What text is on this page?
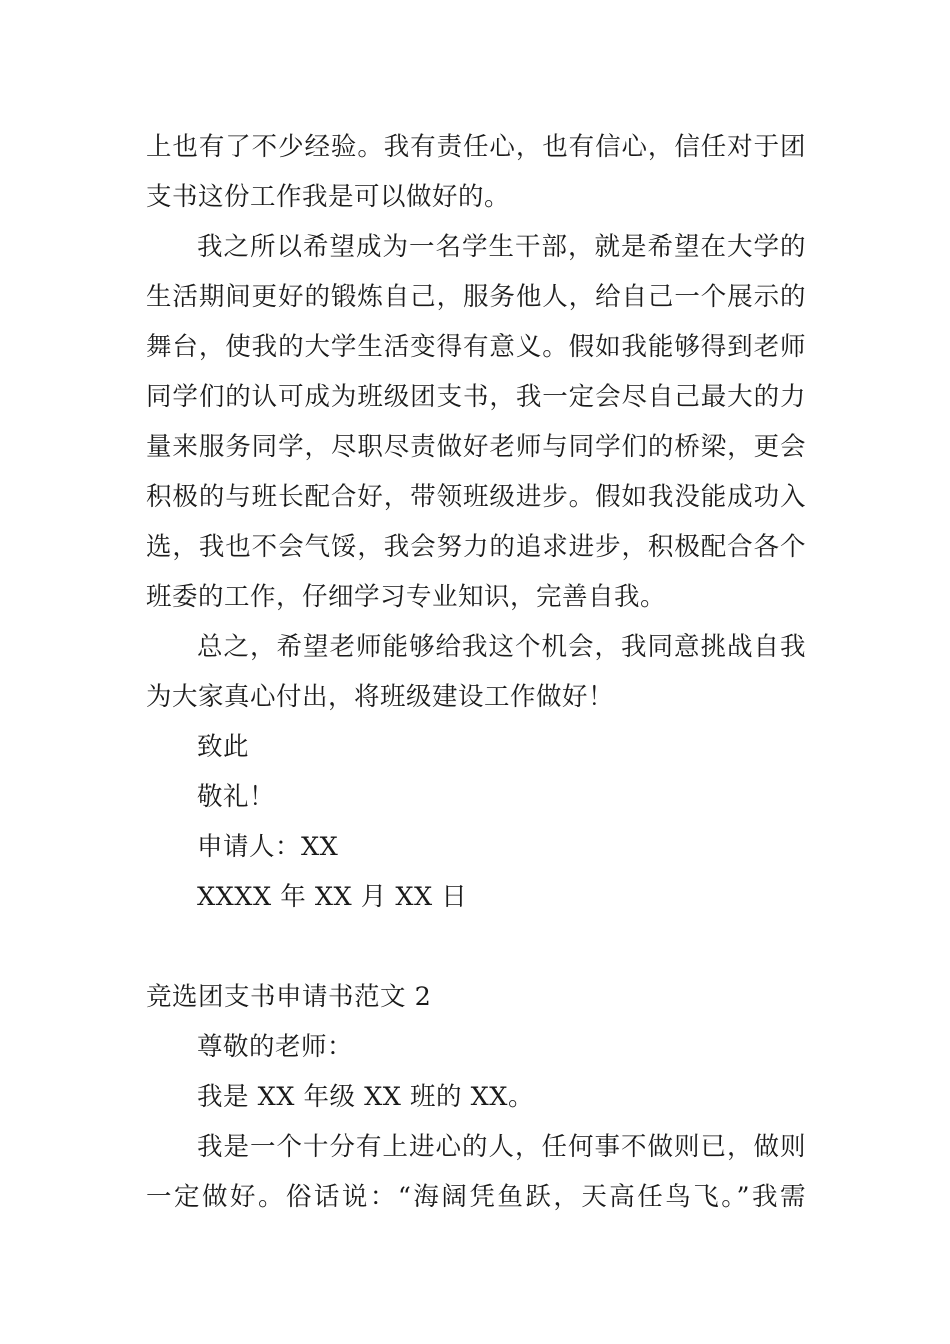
上也有了不少经验。我有责任心，也有信心，信任对于团
支书这份工作我是可以做好的。
我之所以希望成为一名学生干部，就是希望在大学的
生活期间更好的锻炼自己，服务他人，给自己一个展示的
舞台，使我的大学生活变得有意义。假如我能够得到老师
同学们的认可成为班级团支书，我一定会尽自己最大的力
量来服务同学，尽职尽责做好老师与同学们的桥梁，更会
积极的与班长配合好，带领班级进步。假如我没能成功入
选，我也不会气馁，我会努力的追求进步，积极配合各个
班委的工作，仔细学习专业知识，完善自我。
总之，希望老师能够给我这个机会，我同意挑战自我
为大家真心付出，将班级建设工作做好！
致此
敬礼！
申请人：XX
XXXX 年 XX 月 XX 日
竞选团支书申请书范文 2
尊敬的老师：
我是 XX 年级 XX 班的 XX。
我是一个十分有上进心的人，任何事不做则已，做则
一定做好。俗话说：“海阔凭鱼跃，天高任鸟飞。”我需
